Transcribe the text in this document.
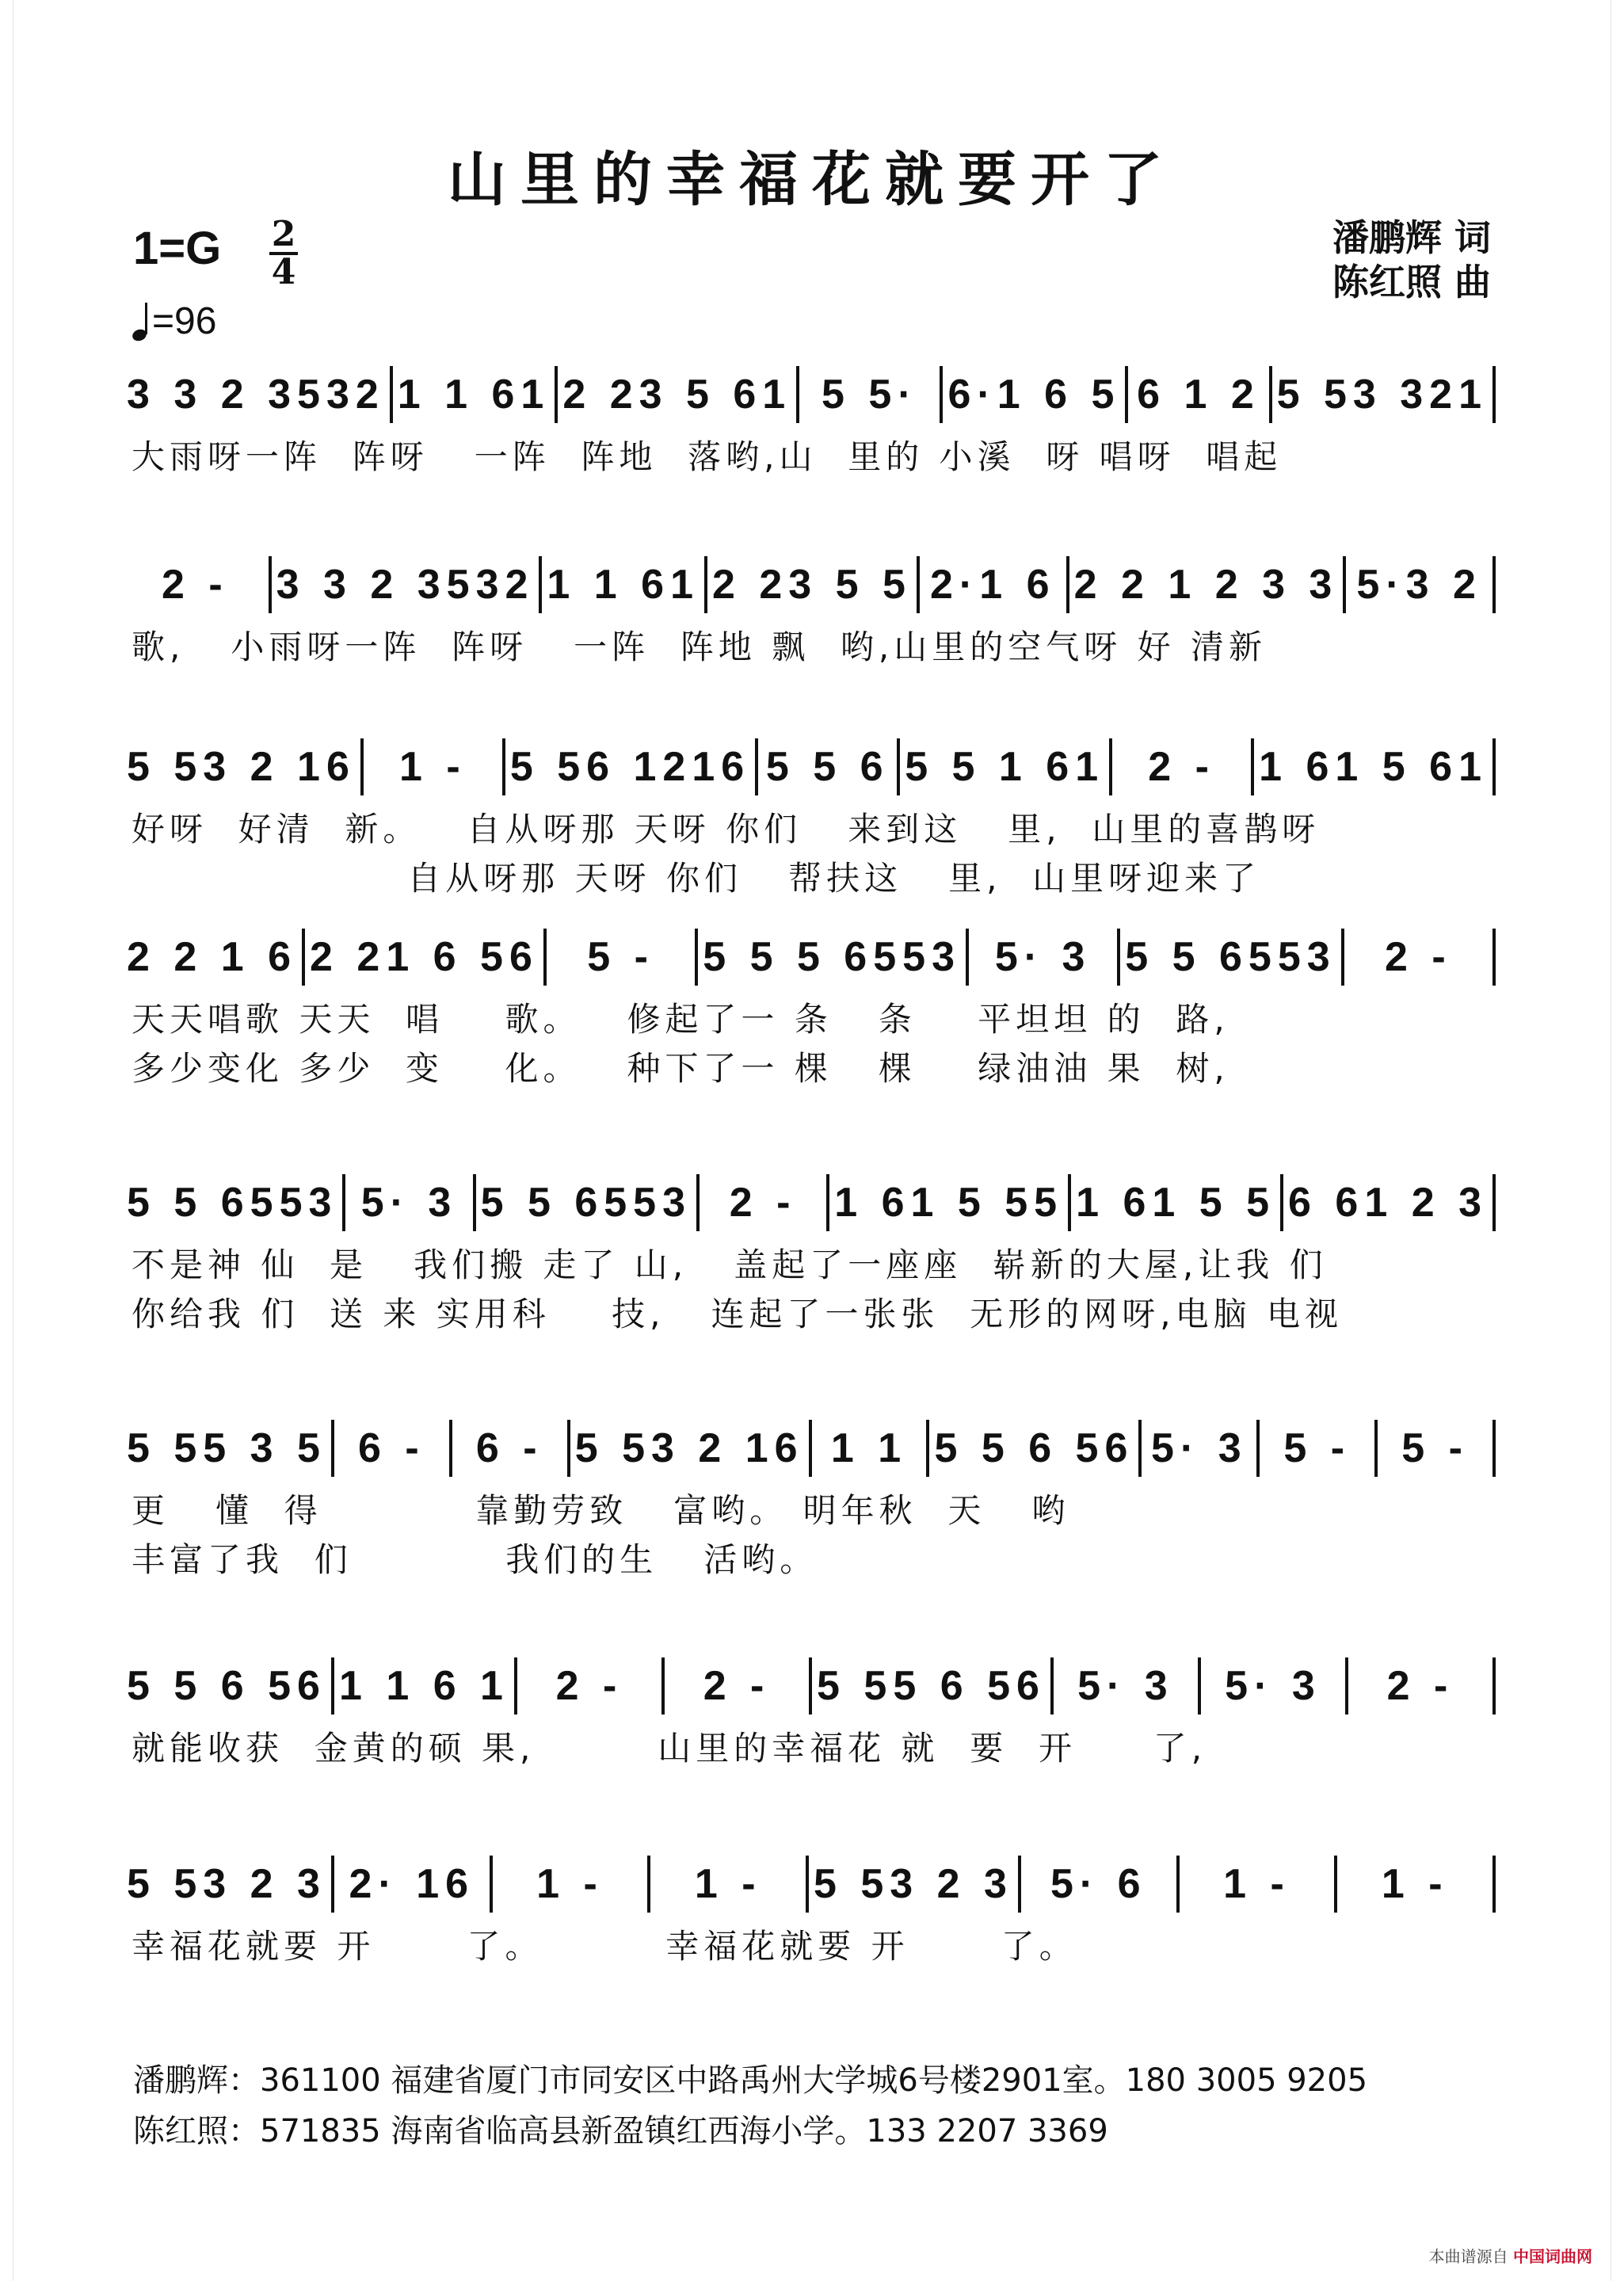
山里的幸福花就要开了
1=G 2
4
=96
潘鹏辉 词
陈红照 曲
3 3 2 3532 1 1 61 2 23 5 61 5 5· 6·1 6 5 6 1 2 5 53 321
大雨呀一阵  阵呀   一阵  阵地  落哟,山  里的 小溪  呀 唱呀  唱起
2 -	3 3 2 3532 1 1 61 2 23 5 5 2·1 6 2 2 1 2 3 3 5·3 2
歌,   小雨呀一阵  阵呀   一阵  阵地 飘  哟,山里的空气呀 好 清新
5 53 2 16	1 -	5 56 1216 5 5 6 5 5 1 61	2 -	1 61 5 61
好呀  好清  新。   自从呀那 天呀 你们   来到这   里,  山里的喜鹊呀
自从呀那 天呀 你们   帮扶这   里,  山里呀迎来了
2 2 1 6 2 21 6 56	5 -	5 5 5 6553 5· 3 5 5 6553	2 -
天天唱歌 天天  唱    歌。   修起了一 条   条    平坦坦 的  路,
多少变化 多少  变    化。   种下了一 棵   棵    绿油油 果  树,
5 5 6553 5· 3 5 5 6553 2 - 1 61 5 55 1 61 5 5 6 61 2 3
不是神 仙  是   我们搬 走了 山,   盖起了一座座  崭新的大屋,让我 们
你给我 们  送 来 实用科    技,   连起了一张张  无形的网呀,电脑 电视
5 55 3 5 6 -	6 - 5 53 2 16 1 1 5 5 6 56 5· 3 5 -	5 -
更   懂  得          靠勤劳致   富哟。 明年秋  天   哟
丰富了我  们          我们的生   活哟。
5 5 6 56 1 1 6 1	2 -	2 -	5 55 6 56 5· 3	5· 3	2 -
就能收获  金黄的硕 果,        山里的幸福花 就  要  开     了,
5 53 2 3 2· 16	1 -	1 -	5 53 2 3 5· 6	1 -	1 -
幸福花就要 开      了。        幸福花就要 开      了。
潘鹏辉：361100 福建省厦门市同安区中路禹州大学城6号楼2901室。180 3005 9205
陈红照：571835 海南省临高县新盈镇红西海小学。133 2207 3369
本曲谱源自 中国词曲网
